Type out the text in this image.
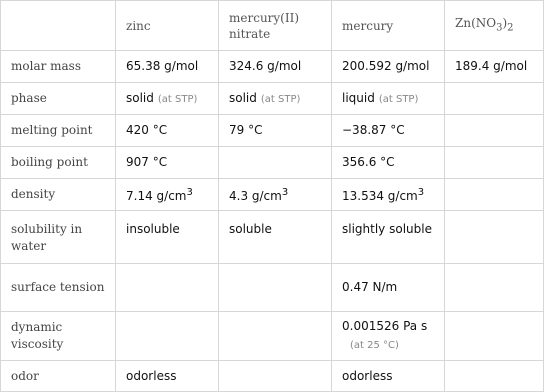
	zinc	mercury(II) nitrate	mercury	$Zn(NO_3)_2$
molar mass	65.38 g/mol	324.6 g/mol	200.592 g/mol	189.4 g/mol
phase	solid (at STP)	solid (at STP)	liquid (at STP)	
melting point	420 °C	79 °C	−38.87 °C	
boiling point	907 °C		356.6 °C	
density	7.14 $g/cm^3$	4.3 $g/cm^3$	13.534 $g/cm^3$	
solubility in water	insoluble	soluble	slightly soluble	
surface tension			0.47 N/m	
dynamic viscosity			0.001526 Pa s
(at 25 °C)	

odor	odorless		odorless	
